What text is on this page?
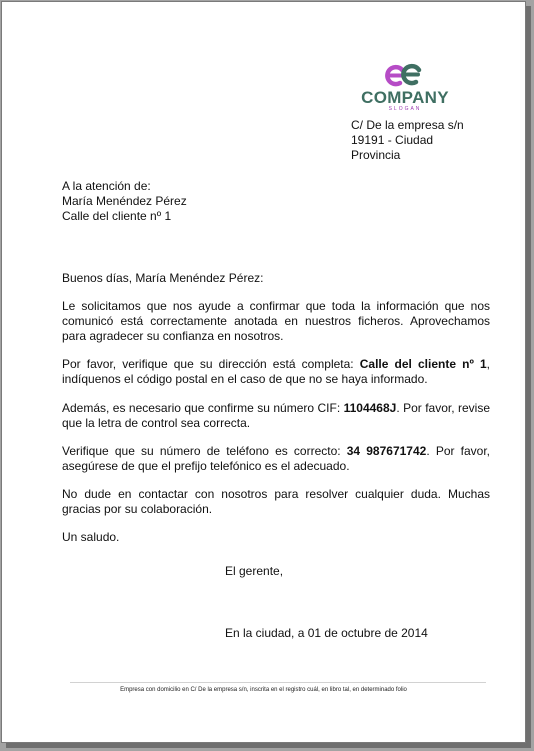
COMPANY
SLOGAN
C/ De la empresa s/n
19191 - Ciudad
Provincia
A la atención de:
María Menéndez Pérez
Calle del cliente nº 1

Buenos días, María Menéndez Pérez:

Le solicitamos que nos ayude a confirmar que toda la información que nos comunicó está correctamente anotada en nuestros ficheros. Aprovechamos para agradecer su confianza en nosotros.

Por favor, verifique que su dirección está completa: Calle del cliente nº 1, indíquenos el código postal en el caso de que no se haya informado.

Además, es necesario que confirme su número CIF: 1104468J. Por favor, revise que la letra de control sea correcta.

Verifique que su número de teléfono es correcto: 34 987671742. Por favor, asegúrese de que el prefijo telefónico es el adecuado.

No dude en contactar con nosotros para resolver cualquier duda. Muchas gracias por su colaboración.

Un saludo.

El gerente,
En la ciudad, a 01 de octubre de 2014
Empresa con domicilio en C/ De la empresa s/n, inscrita en el registro cuál, en libro tal, en determinado folio
